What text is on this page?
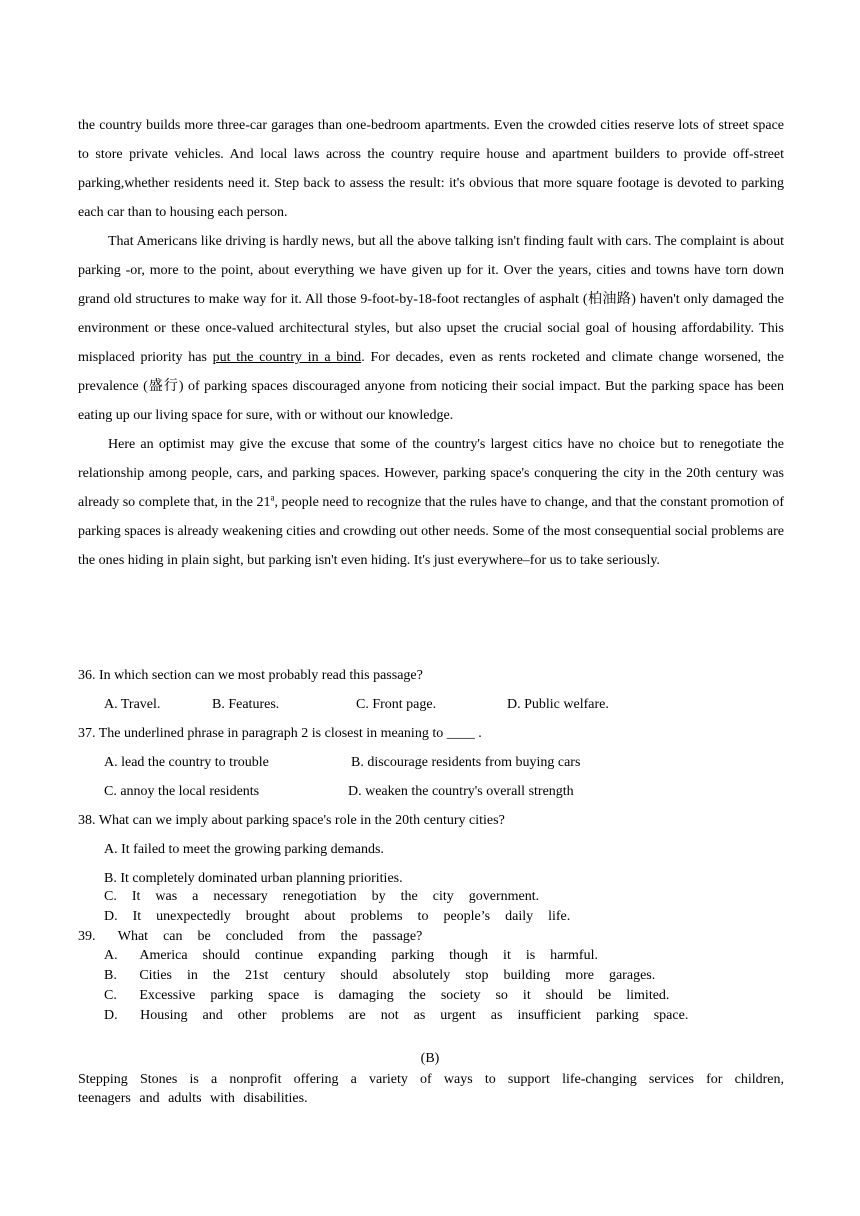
the country builds more three-car garages than one-bedroom apartments. Even the crowded cities reserve lots of street space to store private vehicles. And local laws across the country require house and apartment builders to provide off-street parking,whether residents need it. Step back to assess the result: it's obvious that more square footage is devoted to parking each car than to housing each person.

That Americans like driving is hardly news, but all the above talking isn't finding fault with cars. The complaint is about parking -or, more to the point, about everything we have given up for it. Over the years, cities and towns have torn down grand old structures to make way for it. All those 9-foot-by-18-foot rectangles of asphalt (柏油路) haven't only damaged the environment or these once-valued architectural styles, but also upset the crucial social goal of housing affordability. This misplaced priority has put the country in a bind. For decades, even as rents rocketed and climate change worsened, the prevalence (盛行) of parking spaces discouraged anyone from noticing their social impact. But the parking space has been eating up our living space for sure, with or without our knowledge.

Here an optimist may give the excuse that some of the country's largest citics have no choice but to renegotiate the relationship among people, cars, and parking spaces. However, parking space's conquering the city in the 20th century was already so complete that, in the 21$^a$, people need to recognize that the rules have to change, and that the constant promotion of parking spaces is already weakening cities and crowding out other needs. Some of the most consequential social problems are the ones hiding in plain sight, but parking isn't even hiding. It's just everywhere–for us to take seriously.

36. In which section can we most probably read this passage?
A. Travel.	B. Features.	C. Front page.	D. Public welfare.
37. The underlined phrase in paragraph 2 is closest in meaning to ____ .
A. lead the country to trouble	B. discourage residents from buying cars
C. annoy the local residents	D. weaken the country's overall strength
38. What can we imply about parking space's role in the 20th century cities?
A. It failed to meet the growing parking demands.
B. It completely dominated urban planning priorities.
C.  It  was  a  necessary  renegotiation  by  the  city  government.
D.  It  unexpectedly  brought  about  problems  to  people’s  daily  life.
39.   What  can  be  concluded  from  the  passage?
A.   America  should  continue  expanding  parking  though  it  is  harmful.
B.   Cities  in  the  21st  century  should  absolutely  stop  building  more  garages.
C.   Excessive  parking  space  is  damaging  the  society  so  it  should  be  limited.
D.   Housing  and  other  problems  are  not  as  urgent  as  insufficient  parking  space.
(B)
Stepping Stones is a nonprofit offering a variety of ways to support life-changing services for children, teenagers and adults with disabilities.
